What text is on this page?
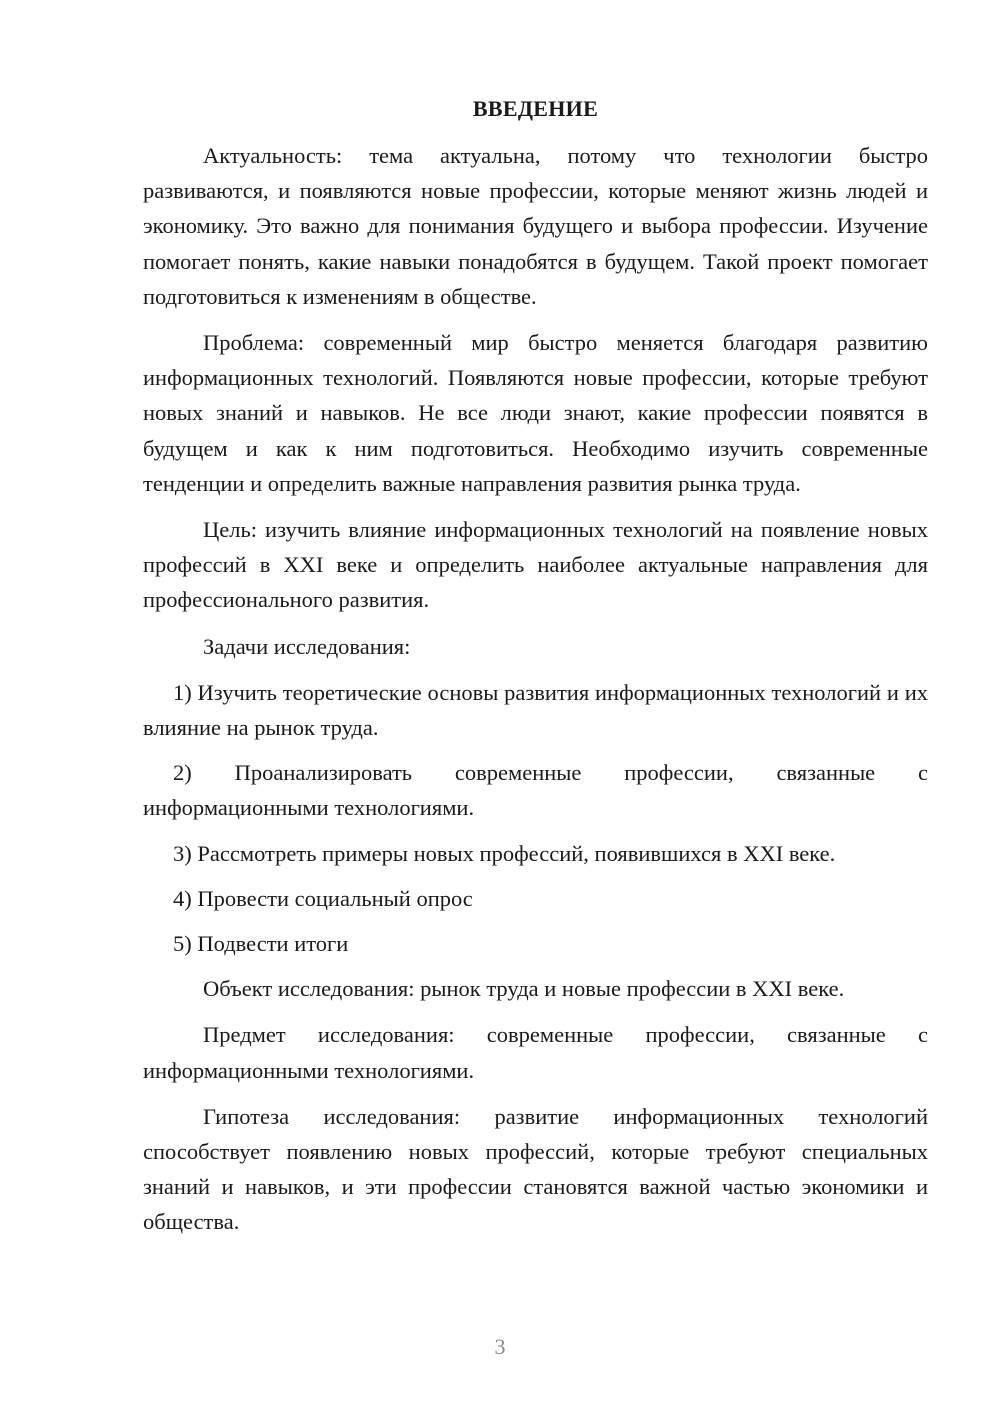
ВВЕДЕНИЕ

Актуальность: тема актуальна, потому что технологии быстро развиваются, и появляются новые профессии, которые меняют жизнь людей и экономику. Это важно для понимания будущего и выбора профессии. Изучение помогает понять, какие навыки понадобятся в будущем. Такой проект помогает подготовиться к изменениям в обществе.

Проблема: современный мир быстро меняется благодаря развитию информационных технологий. Появляются новые профессии, которые требуют новых знаний и навыков. Не все люди знают, какие профессии появятся в будущем и как к ним подготовиться. Необходимо изучить современные тенденции и определить важные направления развития рынка труда.

Цель: изучить влияние информационных технологий на появление новых профессий в XXI веке и определить наиболее актуальные направления для профессионального развития.

Задачи исследования:

1) Изучить теоретические основы развития информационных технологий и их влияние на рынок труда.

2) Проанализировать современные профессии, связанные с информационными технологиями.

3) Рассмотреть примеры новых профессий, появившихся в XXI веке.

4) Провести социальный опрос

5) Подвести итоги

Объект исследования: рынок труда и новые профессии в XXI веке.

Предмет исследования: современные профессии, связанные с информационными технологиями.

Гипотеза исследования: развитие информационных технологий способствует появлению новых профессий, которые требуют специальных знаний и навыков, и эти профессии становятся важной частью экономики и общества.

3
